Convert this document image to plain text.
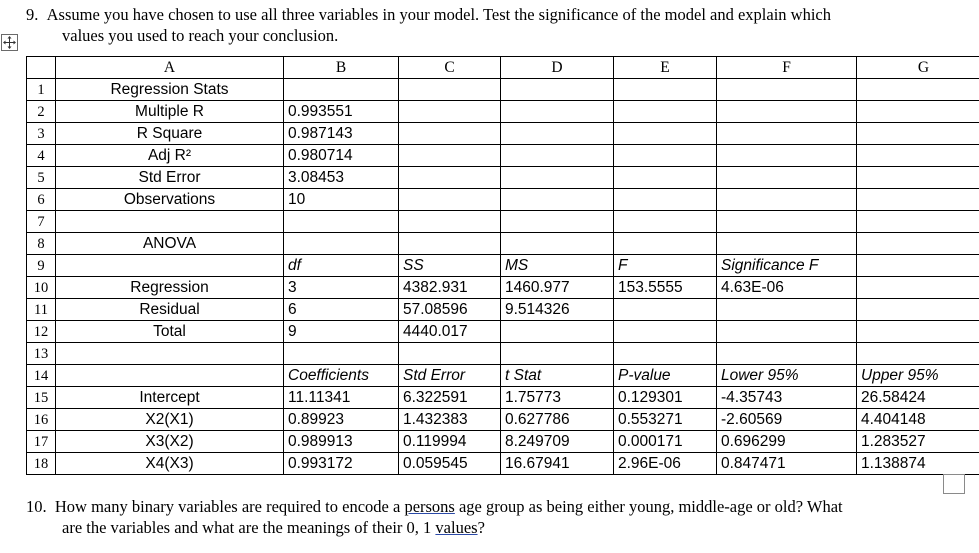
9. Assume you have chosen to use all three variables in your model. Test the significance of the model and explain which
values you used to reach your conclusion.
	A	B	C	D	E	F	G
1	Regression Stats						
2	Multiple R	0.993551					
3	R Square	0.987143					
4	Adj R²	0.980714					
5	Std Error	3.08453					
6	Observations	10					
7							
8	ANOVA						
9		df	SS	MS	F	Significance F	
10	Regression	3	4382.931	1460.977	153.5555	4.63E-06	
11	Residual	6	57.08596	9.514326			
12	Total	9	4440.017				
13							
14		Coefficients	Std Error	t Stat	P-value	Lower 95%	Upper 95%
15	Intercept	11.11341	6.322591	1.75773	0.129301	-4.35743	26.58424
16	X2(X1)	0.89923	1.432383	0.627786	0.553271	-2.60569	4.404148
17	X3(X2)	0.989913	0.119994	8.249709	0.000171	0.696299	1.283527
18	X4(X3)	0.993172	0.059545	16.67941	2.96E-06	0.847471	1.138874
10. How many binary variables are required to encode a persons age group as being either young, middle-age or old? What
are the variables and what are the meanings of their 0, 1 values?
